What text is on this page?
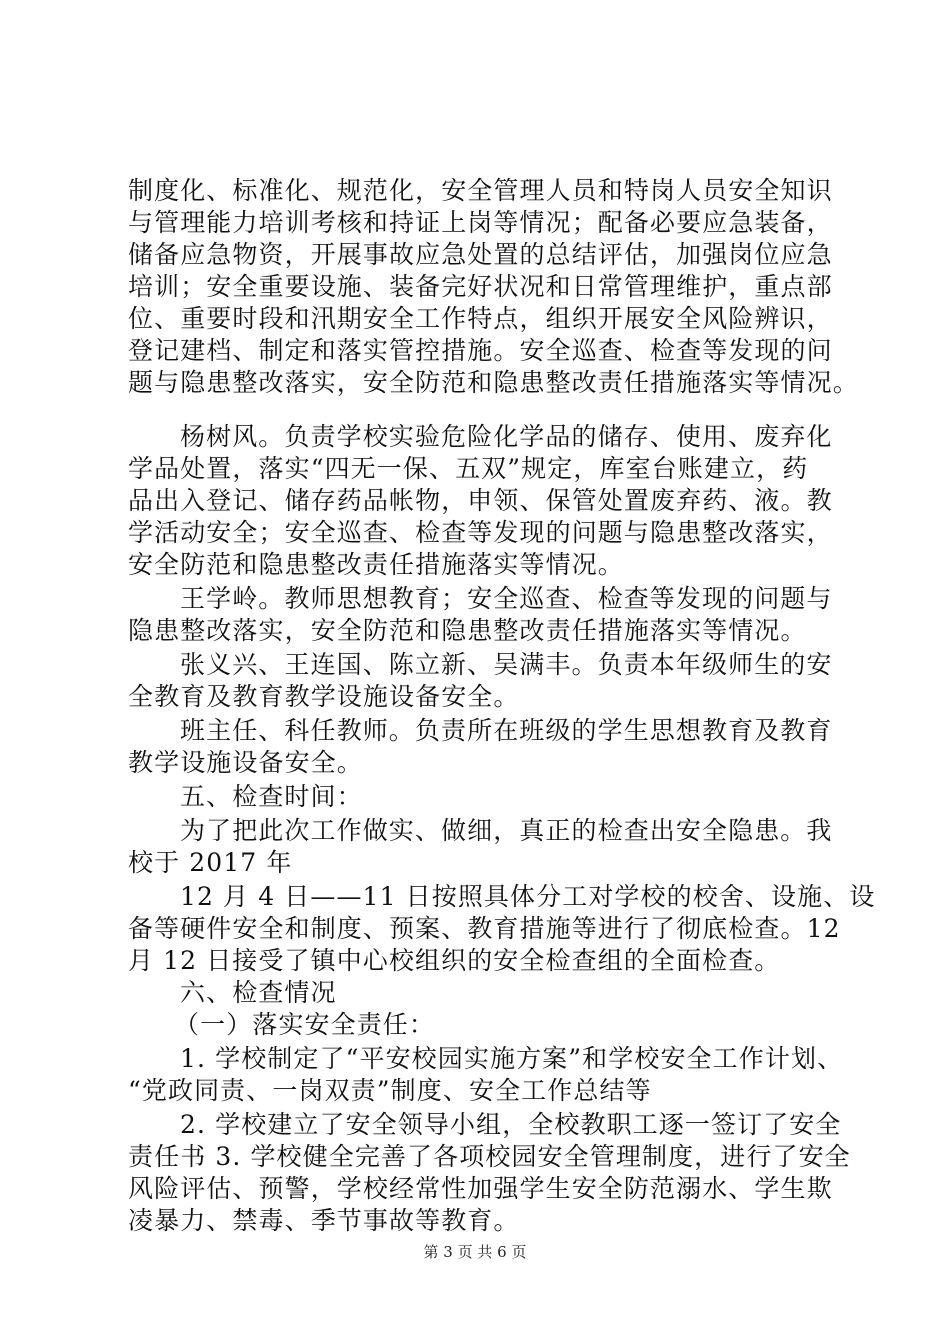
制度化、标准化、规范化，安全管理人员和特岗人员安全知识
与管理能力培训考核和持证上岗等情况；配备必要应急装备，
储备应急物资，开展事故应急处置的总结评估，加强岗位应急
培训；安全重要设施、装备完好状况和日常管理维护，重点部
位、重要时段和汛期安全工作特点，组织开展安全风险辨识，
登记建档、制定和落实管控措施。安全巡查、检查等发现的问
题与隐患整改落实，安全防范和隐患整改责任措施落实等情况。
杨树风。负责学校实验危险化学品的储存、使用、废弃化
学品处置，落实“四无一保、五双”规定，库室台账建立，药
品出入登记、储存药品帐物，申领、保管处置废弃药、液。教
学活动安全；安全巡查、检查等发现的问题与隐患整改落实，
安全防范和隐患整改责任措施落实等情况。
王学岭。教师思想教育；安全巡查、检查等发现的问题与
隐患整改落实，安全防范和隐患整改责任措施落实等情况。
张义兴、王连国、陈立新、吴满丰。负责本年级师生的安
全教育及教育教学设施设备安全。
班主任、科任教师。负责所在班级的学生思想教育及教育
教学设施设备安全。
五、检查时间：
为了把此次工作做实、做细，真正的检查出安全隐患。我
校于 2017 年
12 月 4 日——11 日按照具体分工对学校的校舍、设施、设
备等硬件安全和制度、预案、教育措施等进行了彻底检查。12
月 12 日接受了镇中心校组织的安全检查组的全面检查。
六、检查情况
（一）落实安全责任：
1. 学校制定了“平安校园实施方案”和学校安全工作计划、
“党政同责、一岗双责”制度、安全工作总结等
2. 学校建立了安全领导小组，全校教职工逐一签订了安全
责任书 3. 学校健全完善了各项校园安全管理制度，进行了安全
风险评估、预警，学校经常性加强学生安全防范溺水、学生欺
凌暴力、禁毒、季节事故等教育。
第 3 页 共 6 页
